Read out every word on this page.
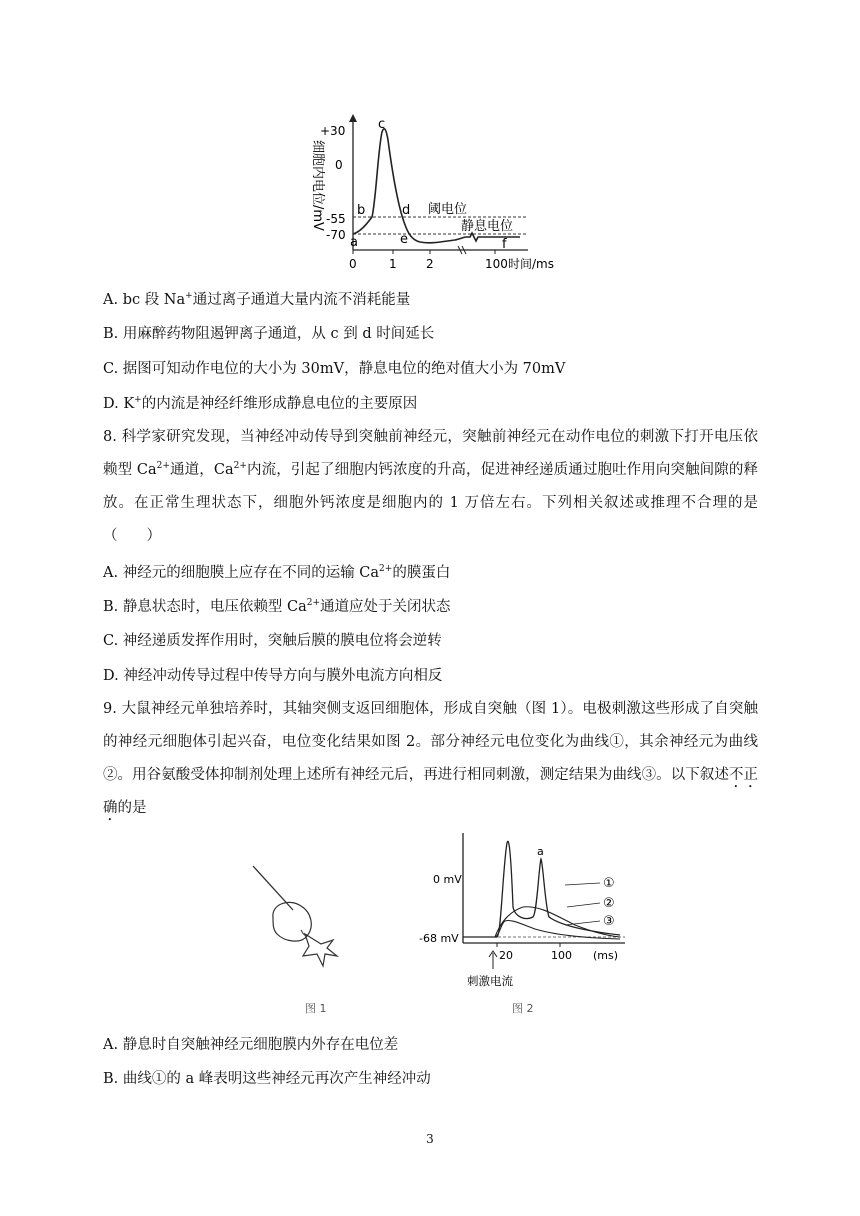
细胞内电位/mV
+30
0
-55
-70 a
b
c
d
e	f
阈电位
静息电位
0	1 2	100 时间/ms
A. bc 段 Na+通过离子通道大量内流不消耗能量
B. 用麻醉药物阻遏钾离子通道，从 c 到 d 时间延长
C. 据图可知动作电位的大小为 30mV，静息电位的绝对值大小为 70mV
D. K+的内流是神经纤维形成静息电位的主要原因
8. 科学家研究发现，当神经冲动传导到突触前神经元，突触前神经元在动作电位的刺激下打开电压依赖型 $Ca^{2+}$通道，$Ca^{2+}$内流，引起了细胞内钙浓度的升高，促进神经递质通过胞吐作用向突触间隙的释放。在正常生理状态下，细胞外钙浓度是细胞内的 1 万倍左右。下列相关叙述或推理不合理的是（　　）
A. 神经元的细胞膜上应存在不同的运输 $Ca^{2+}$的膜蛋白
B. 静息状态时，电压依赖型 $Ca^{2+}$通道应处于关闭状态
C. 神经递质发挥作用时，突触后膜的膜电位将会逆转
D. 神经冲动传导过程中传导方向与膜外电流方向相反
9. 大鼠神经元单独培养时，其轴突侧支返回细胞体，形成自突触（图 1）。电极刺激这些形成了自突触的神经元细胞体引起兴奋，电位变化结果如图 2。部分神经元电位变化为曲线①，其余神经元为曲线②。用谷氨酸受体抑制剂处理上述所有神经元后，再进行相同刺激，测定结果为曲线③。以下叙述不正确的是
图 1
0 mV
-68 mV
a
①
②
③
20	100 (ms)
刺激电流
图 2
A. 静息时自突触神经元细胞膜内外存在电位差
B. 曲线①的 a 峰表明这些神经元再次产生神经冲动
3
